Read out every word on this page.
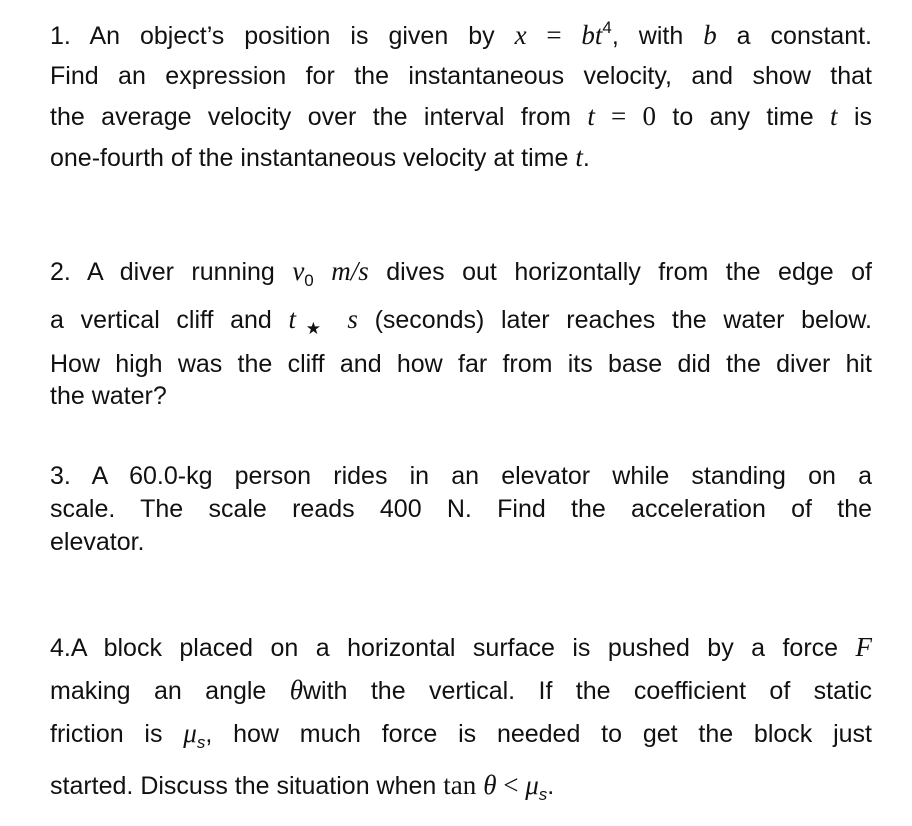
1. An object’s position is given by $x = bt^4$, with b a constant.
Find an expression for the instantaneous velocity, and show that
the average velocity over the interval from t = 0 to any time t is
one-fourth of the instantaneous velocity at time t.
2. A diver running $v_0$ m/s dives out horizontally from the edge of
a vertical cliff and $t_★$ s (seconds) later reaches the water below.
How high was the cliff and how far from its base did the diver hit
the water?
3. A 60.0-kg person rides in an elevator while standing on a
scale. The scale reads 400 N. Find the acceleration of the
elevator.
4.A block placed on a horizontal surface is pushed by a force F
making an angle θwith the vertical. If the coefficient of static
friction is $\mu_s$, how much force is needed to get the block just
started. Discuss the situation when $\tan \theta < \mu_s$.
